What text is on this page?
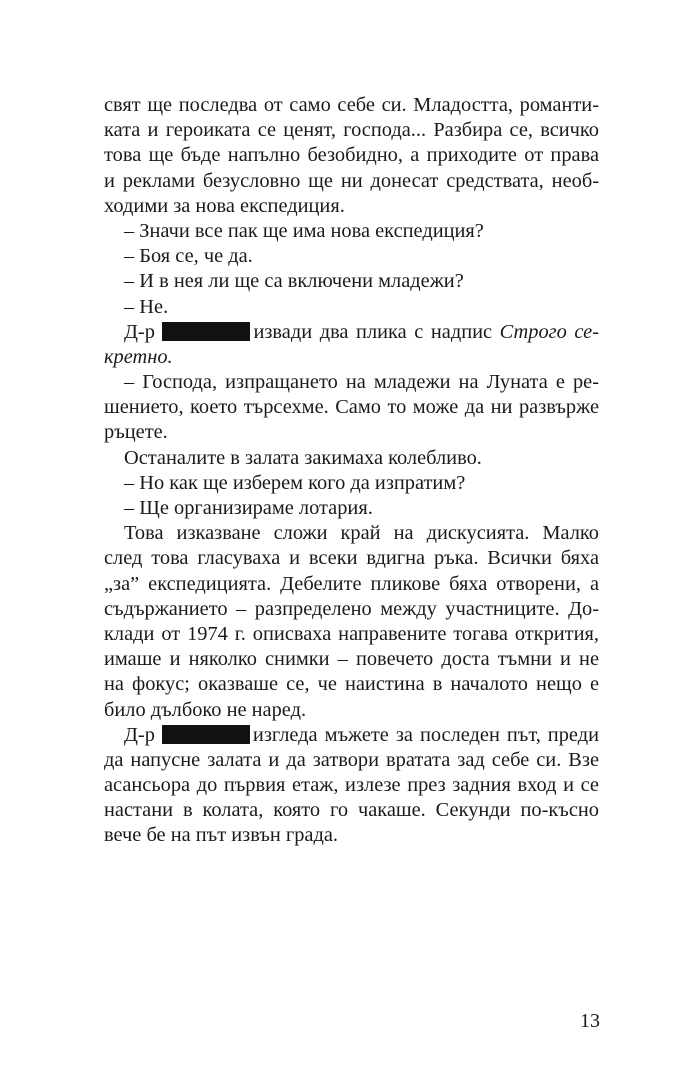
свят ще последва от само себе си. Младостта, романти-
ката и героиката се ценят, господа... Разбира се, всичко
това ще бъде напълно безобидно, а приходите от права
и реклами безусловно ще ни донесат средствата, необ-
ходими за нова експедиция.
– Значи все пак ще има нова експедиция?
– Боя се, че да.
– И в нея ли ще са включени младежи?
– Не.
Д-р	извади два плика с надпис Строго се-
кретно.
– Господа, изпращането на младежи на Луната е ре-
шението, което търсехме. Само то може да ни развърже
ръцете.
Останалите в залата закимаха колебливо.
– Но как ще изберем кого да изпратим?
– Ще организираме лотария.
Това изказване сложи край на дискусията. Малко
след това гласуваха и всеки вдигна ръка. Всички бяха
„за” експедицията. Дебелите пликове бяха отворени, а
съдържанието – разпределено между участниците. До-
клади от 1974 г. описваха направените тогава открития,
имаше и няколко снимки – повечето доста тъмни и не
на фокус; оказваше се, че наистина в началото нещо е
било дълбоко не наред.
Д-р	изгледа мъжете за последен път, преди
да напусне залата и да затвори вратата зад себе си. Взе
асансьора до първия етаж, излезе през задния вход и се
настани в колата, която го чакаше. Секунди по-късно
вече бе на път извън града.
13
